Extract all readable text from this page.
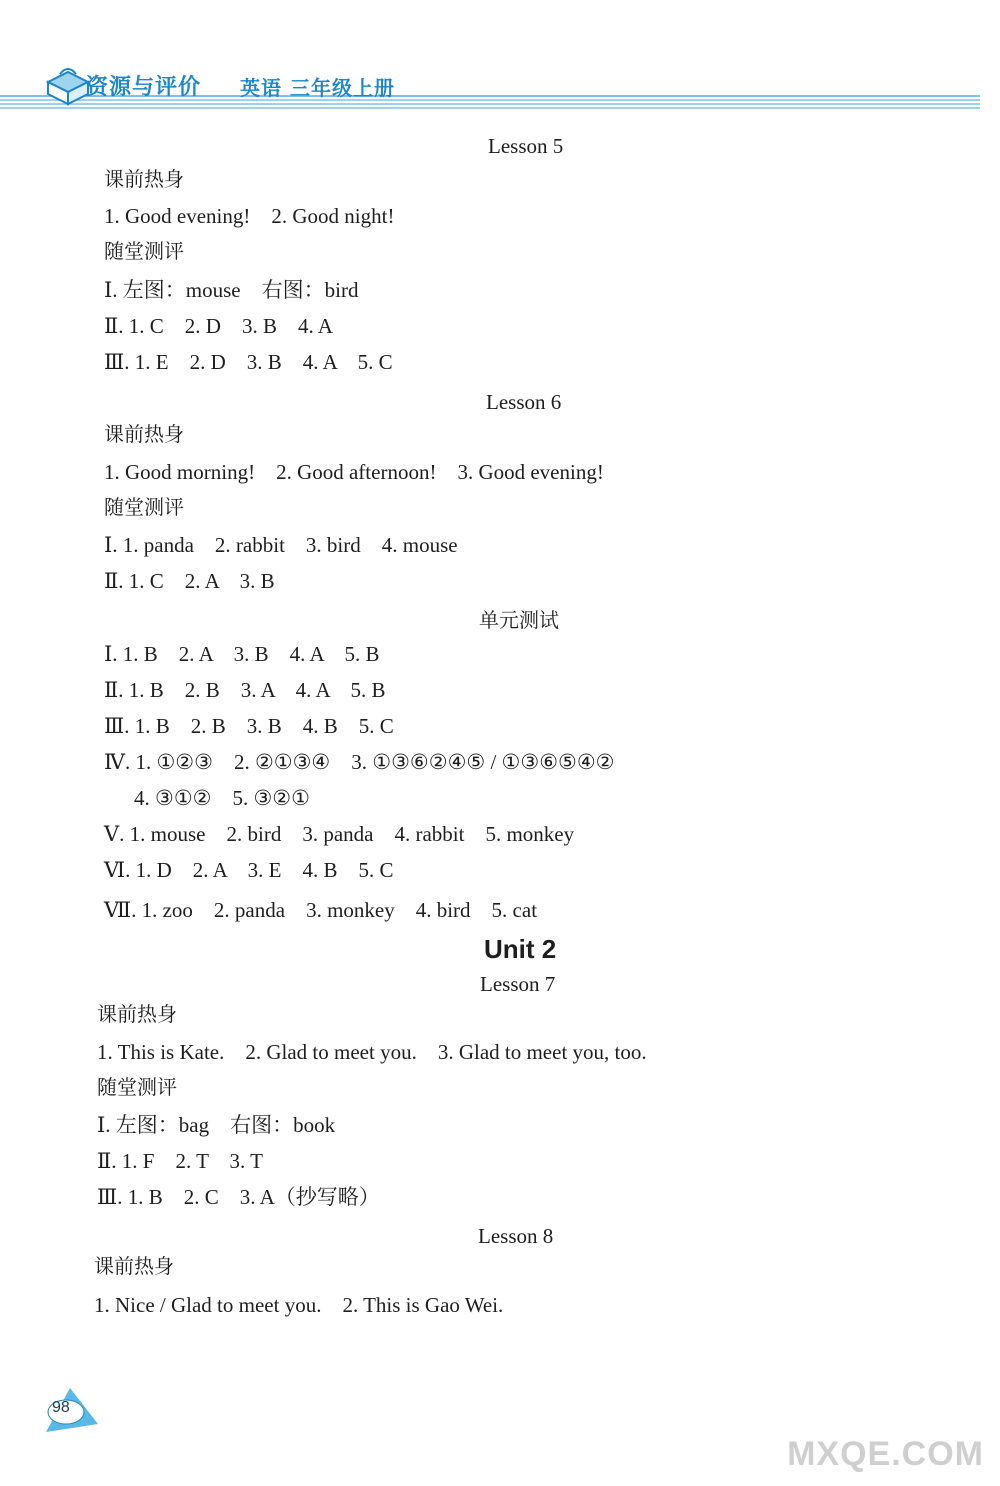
资源与评价 英语 三年级上册
Lesson 5
课前热身
1. Good evening!    2. Good night!
随堂测评
Ⅰ. 左图：mouse    右图：bird
Ⅱ. 1. C    2. D    3. B    4. A
Ⅲ. 1. E    2. D    3. B    4. A    5. C
Lesson 6
课前热身
1. Good morning!    2. Good afternoon!    3. Good evening!
随堂测评
Ⅰ. 1. panda    2. rabbit    3. bird    4. mouse
Ⅱ. 1. C    2. A    3. B
单元测试
Ⅰ. 1. B    2. A    3. B    4. A    5. B
Ⅱ. 1. B    2. B    3. A    4. A    5. B
Ⅲ. 1. B    2. B    3. B    4. B    5. C
Ⅳ. 1. ①②③    2. ②①③④    3. ①③⑥②④⑤ / ①③⑥⑤④②
4. ③①②    5. ③②①
Ⅴ. 1. mouse    2. bird    3. panda    4. rabbit    5. monkey
Ⅵ. 1. D    2. A    3. E    4. B    5. C
Ⅶ. 1. zoo    2. panda    3. monkey    4. bird    5. cat
Unit 2
Lesson 7
课前热身
1. This is Kate.    2. Glad to meet you.    3. Glad to meet you, too.
随堂测评
Ⅰ. 左图：bag    右图：book
Ⅱ. 1. F    2. T    3. T
Ⅲ. 1. B    2. C    3. A（抄写略）
Lesson 8
课前热身
1. Nice / Glad to meet you.    2. This is Gao Wei.
98
MXQE.COM
